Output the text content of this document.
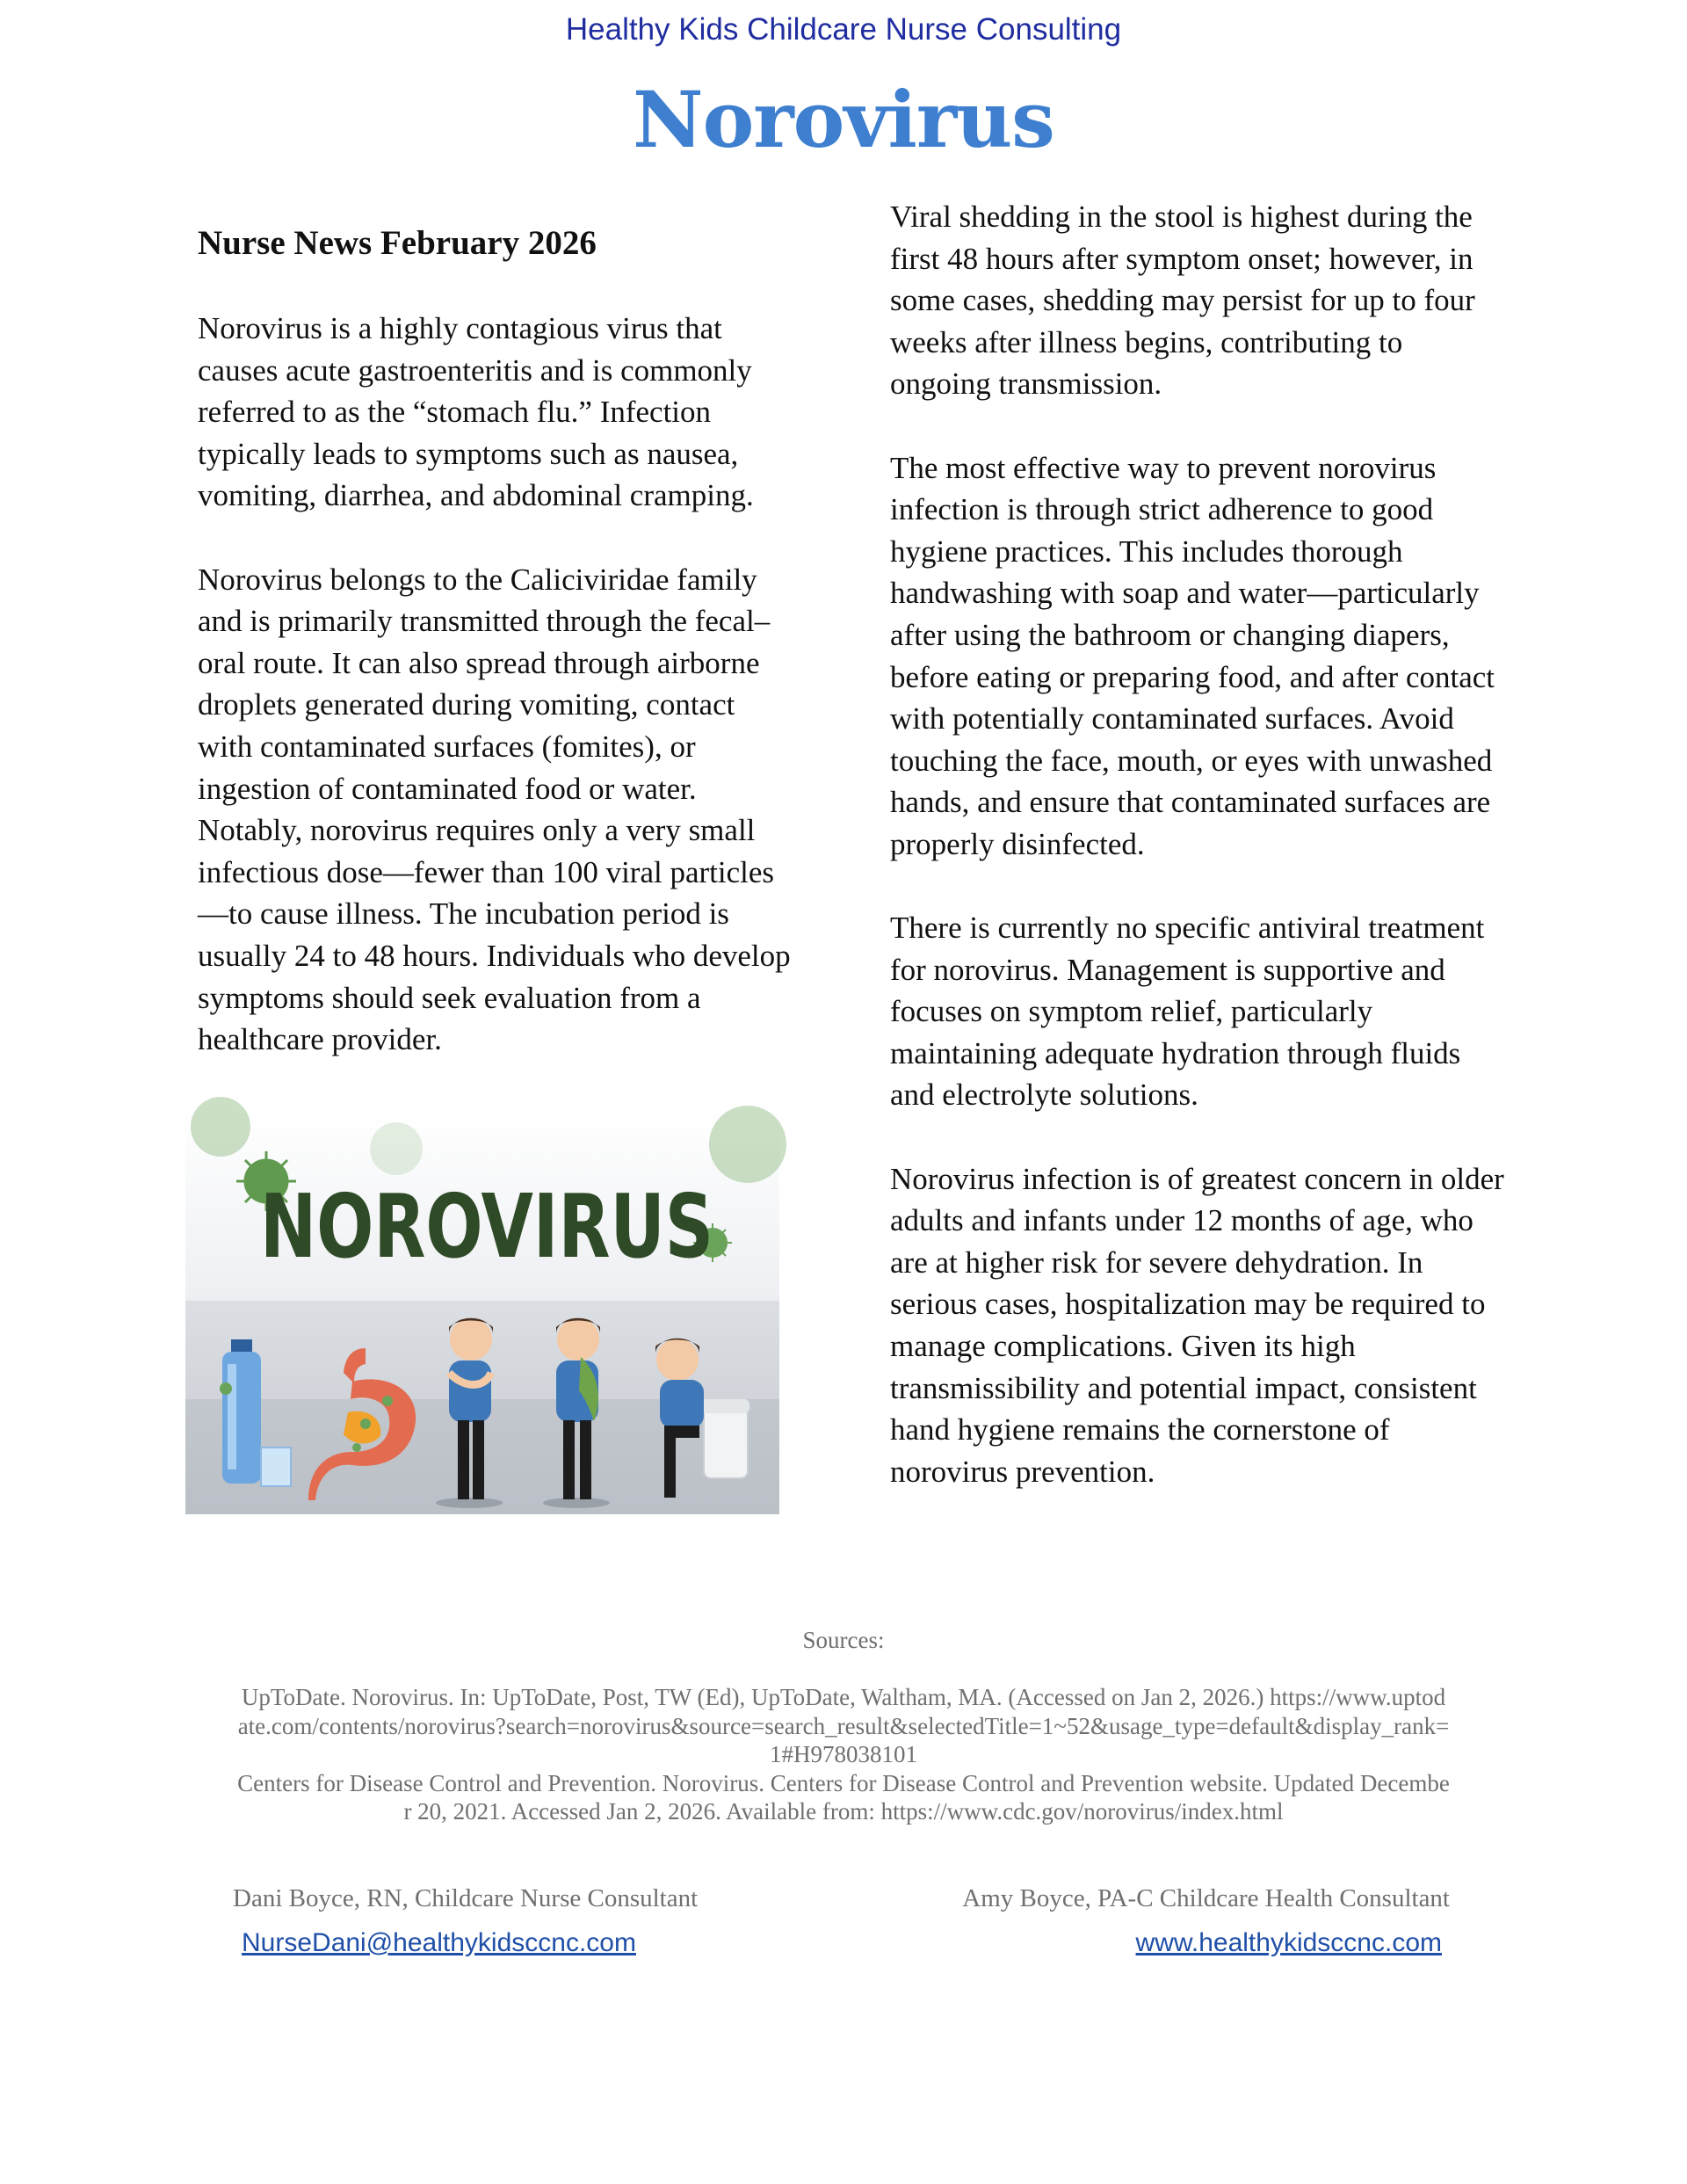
Healthy Kids Childcare Nurse Consulting
Norovirus
Nurse News February 2026

Norovirus is a highly contagious virus that causes acute gastroenteritis and is commonly referred to as the “stomach flu.” Infection typically leads to symptoms such as nausea, vomiting, diarrhea, and abdominal cramping.

Norovirus belongs to the Caliciviridae family and is primarily transmitted through the fecal–oral route. It can also spread through airborne droplets generated during vomiting, contact with contaminated surfaces (fomites), or ingestion of contaminated food or water. Notably, norovirus requires only a very small infectious dose—fewer than 100 viral particles—to cause illness. The incubation period is usually 24 to 48 hours. Individuals who develop symptoms should seek evaluation from a healthcare provider.

Viral shedding in the stool is highest during the first 48 hours after symptom onset; however, in some cases, shedding may persist for up to four weeks after illness begins, contributing to ongoing transmission.

The most effective way to prevent norovirus infection is through strict adherence to good hygiene practices. This includes thorough handwashing with soap and water—particularly after using the bathroom or changing diapers, before eating or preparing food, and after contact with potentially contaminated surfaces. Avoid touching the face, mouth, or eyes with unwashed hands, and ensure that contaminated surfaces are properly disinfected.

There is currently no specific antiviral treatment for norovirus. Management is supportive and focuses on symptom relief, particularly maintaining adequate hydration through fluids and electrolyte solutions.

Norovirus infection is of greatest concern in older adults and infants under 12 months of age, who are at higher risk for severe dehydration. In serious cases, hospitalization may be required to manage complications. Given its high transmissibility and potential impact, consistent hand hygiene remains the cornerstone of norovirus prevention.

NOROVIRUS
Sources:
UpToDate. Norovirus. In: UpToDate, Post, TW (Ed), UpToDate, Waltham, MA. (Accessed on Jan 2, 2026.) https://www.uptodate.com/contents/norovirus?search=norovirus&source=search_result&selectedTitle=1~52&usage_type=default&display_rank=1#H978038101
Centers for Disease Control and Prevention. Norovirus. Centers for Disease Control and Prevention website. Updated December 20, 2021. Accessed Jan 2, 2026. Available from: https://www.cdc.gov/norovirus/index.html
Dani Boyce, RN, Childcare Nurse Consultant	Amy Boyce, PA-C Childcare Health Consultant
NurseDani@healthykidsccnc.com	www.healthykidsccnc.com
